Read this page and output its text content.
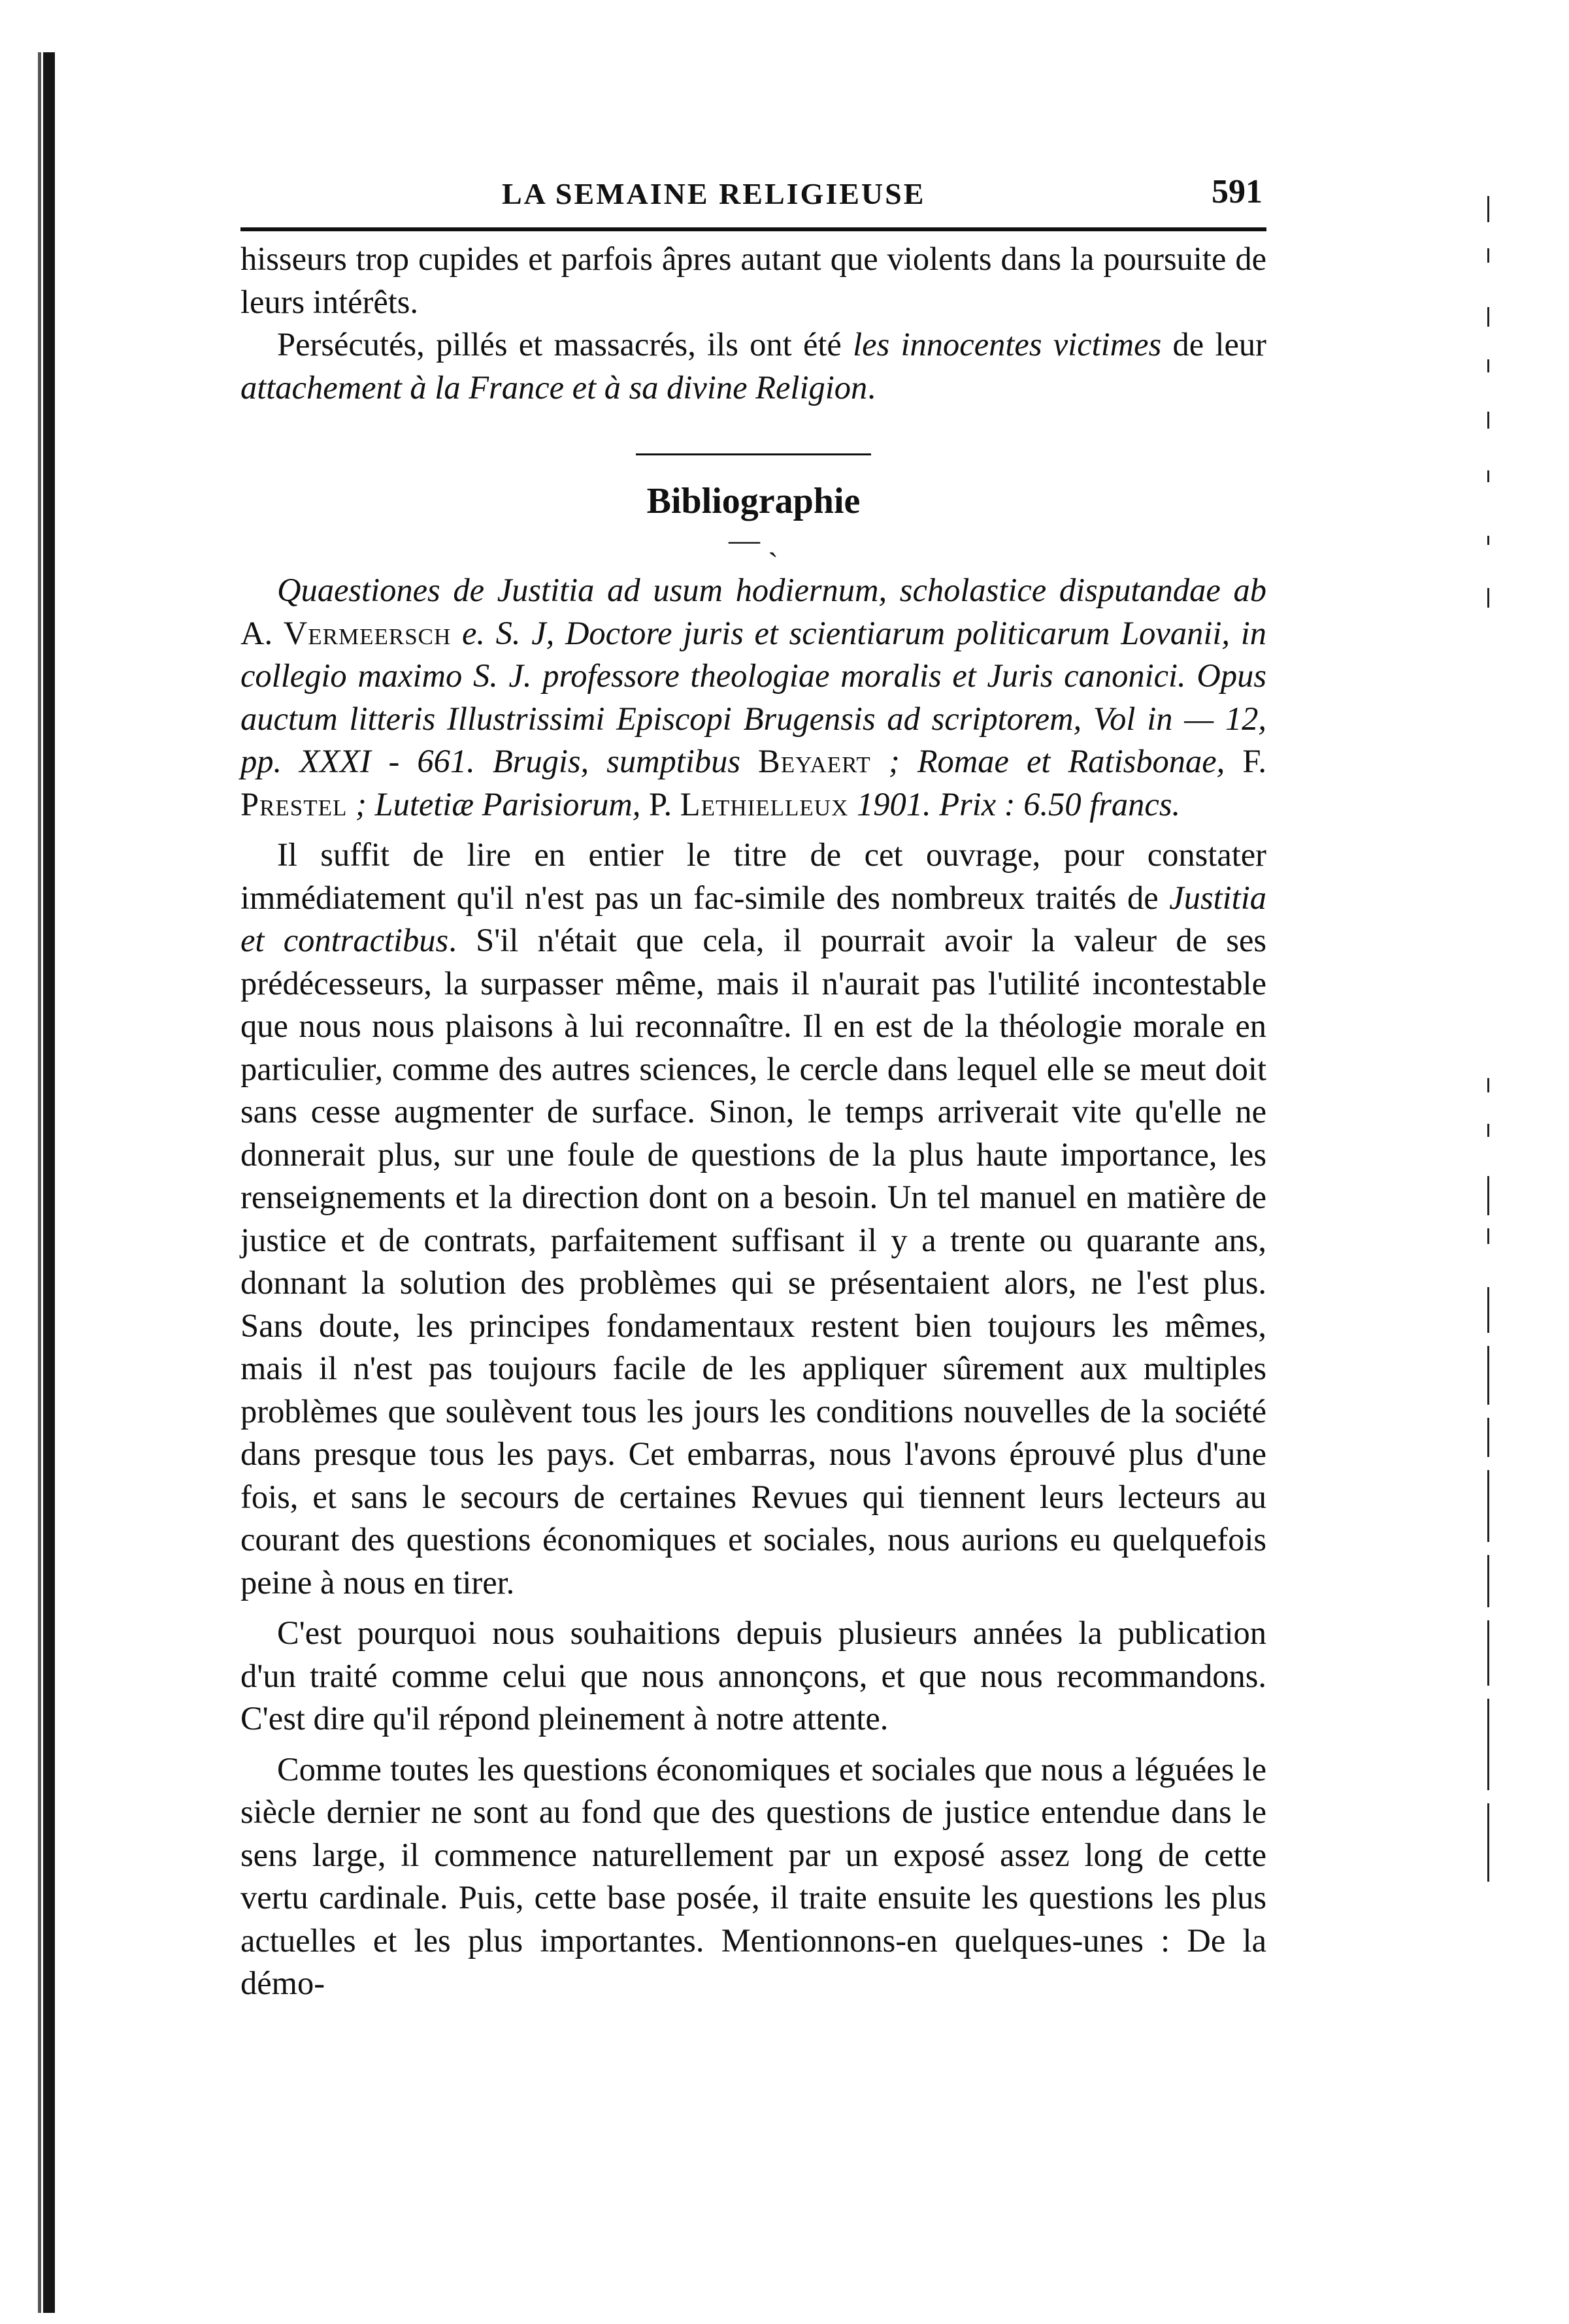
LA SEMAINE RELIGIEUSE	591

hisseurs trop cupides et parfois âpres autant que violents dans la poursuite de leurs intérêts.

Persécutés, pillés et massacrés, ils ont été les innocentes victimes de leur attachement à la France et à sa divine Religion.

Bibliographie
— ˏ

Quaestiones de Justitia ad usum hodiernum, scholastice disputandae ab A. Vermeersch e. S. J, Doctore juris et scientiarum politicarum Lovanii, in collegio maximo S. J. professore theologiae moralis et Juris canonici. Opus auctum litteris Illustrissimi Episcopi Brugensis ad scriptorem, Vol in — 12, pp. XXXI - 661. Brugis, sumptibus Beyaert ; Romae et Ratisbonae, F. Prestel ; Lutetiæ Parisiorum, P. Lethielleux 1901. Prix : 6.50 francs.

Il suffit de lire en entier le titre de cet ouvrage, pour constater immédiatement qu'il n'est pas un fac-simile des nombreux traités de Justitia et contractibus. S'il n'était que cela, il pourrait avoir la valeur de ses prédécesseurs, la surpasser même, mais il n'aurait pas l'utilité incontestable que nous nous plaisons à lui reconnaître. Il en est de la théologie morale en particulier, comme des autres sciences, le cercle dans lequel elle se meut doit sans cesse augmenter de surface. Sinon, le temps arriverait vite qu'elle ne donnerait plus, sur une foule de questions de la plus haute importance, les renseignements et la direction dont on a besoin. Un tel manuel en matière de justice et de contrats, parfaitement suffisant il y a trente ou quarante ans, donnant la solution des problèmes qui se présentaient alors, ne l'est plus. Sans doute, les principes fondamentaux restent bien toujours les mêmes, mais il n'est pas toujours facile de les appliquer sûrement aux multiples problèmes que soulèvent tous les jours les conditions nouvelles de la société dans presque tous les pays. Cet embarras, nous l'avons éprouvé plus d'une fois, et sans le secours de certaines Revues qui tiennent leurs lecteurs au courant des questions économiques et sociales, nous aurions eu quelquefois peine à nous en tirer.

C'est pourquoi nous souhaitions depuis plusieurs années la publication d'un traité comme celui que nous annonçons, et que nous recommandons. C'est dire qu'il répond pleinement à notre attente.

Comme toutes les questions économiques et sociales que nous a léguées le siècle dernier ne sont au fond que des questions de justice entendue dans le sens large, il commence naturellement par un exposé assez long de cette vertu cardinale. Puis, cette base posée, il traite ensuite les questions les plus actuelles et les plus importantes. Mentionnons-en quelques-unes : De la démo-
